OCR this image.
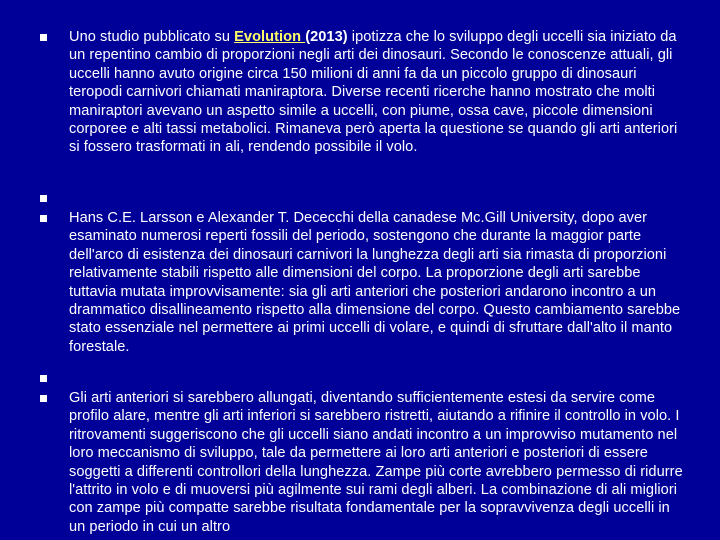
Uno studio pubblicato su Evolution (2013) ipotizza che lo sviluppo degli uccelli sia iniziato da un repentino cambio di proporzioni negli arti dei dinosauri. Secondo le conoscenze attuali, gli uccelli hanno avuto origine circa 150 milioni di anni fa da un piccolo gruppo di dinosauri teropodi carnivori chiamati maniraptora. Diverse recenti ricerche hanno mostrato che molti maniraptori avevano un aspetto simile a uccelli, con piume, ossa cave, piccole dimensioni corporee e alti tassi metabolici. Rimaneva però aperta la questione se quando gli arti anteriori si fossero trasformati in ali, rendendo possibile il volo.

Hans C.E. Larsson e Alexander T. Dececchi della canadese Mc.Gill University, dopo aver esaminato numerosi reperti fossili del periodo, sostengono che durante la maggior parte dell'arco di esistenza dei dinosauri carnivori la lunghezza degli arti sia rimasta di proporzioni relativamente stabili rispetto alle dimensioni del corpo. La proporzione degli arti sarebbe tuttavia mutata improvvisamente: sia gli arti anteriori che posteriori andarono incontro a un drammatico disallineamento rispetto alla dimensione del corpo. Questo cambiamento sarebbe stato essenziale nel permettere ai primi uccelli di volare, e quindi di sfruttare dall'alto il manto forestale.

Gli arti anteriori si sarebbero allungati, diventando sufficientemente estesi da servire come profilo alare, mentre gli arti inferiori si sarebbero ristretti, aiutando a rifinire il controllo in volo. I ritrovamenti suggeriscono che gli uccelli siano andati incontro a un improvviso mutamento nel loro meccanismo di sviluppo, tale da permettere ai loro arti anteriori e posteriori di essere soggetti a differenti controllori della lunghezza. Zampe più corte avrebbero permesso di ridurre l'attrito in volo e di muoversi più agilmente sui rami degli alberi. La combinazione di ali migliori con zampe più compatte sarebbe risultata fondamentale per la sopravvivenza degli uccelli in un periodo in cui un altro
